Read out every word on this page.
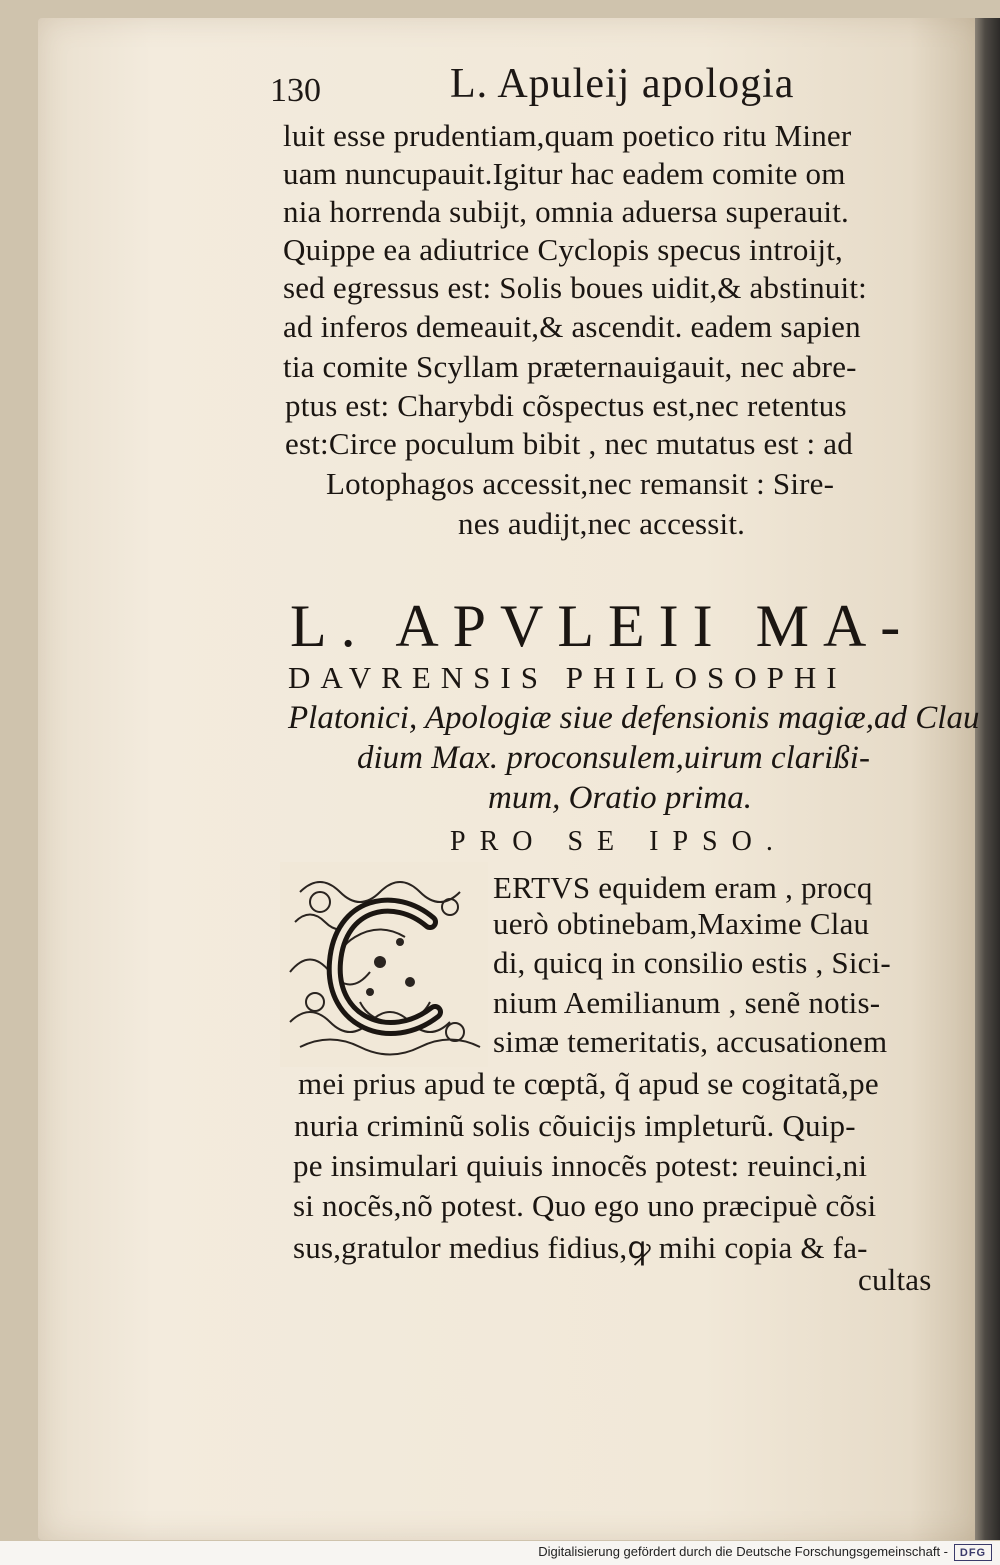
130	L. Apuleij apologia
luit esse prudentiam,quam poetico ritu Miner
uam nuncupauit.Igitur hac eadem comite om
nia horrenda subijt, omnia aduersa superauit.
Quippe ea adiutrice Cyclopis specus introijt,
sed egressus est: Solis boues uidit,& abstinuit:
ad inferos demeauit,& ascendit. eadem sapien
tia comite Scyllam prӕternauigauit, nec abre-
ptus est: Charybdi cõspectus est,nec retentus
est:Circe poculum bibit , nec mutatus est : ad
Lotophagos accessit,nec remansit : Sire-
nes audijt,nec accessit.
L. APVLEII MA-
DAVRENSIS PHILOSOPHI
Platonici, Apologiӕ siue defensionis magiӕ,ad Clau
dium Max. proconsulem,uirum clarißi-
mum, Oratio prima.
PRO SE IPSO.
ERTVS equidem eram , procq
uerò obtinebam,Maxime Clau
di, quicq in consilio estis , Sici-
nium Aemilianum , senẽ notis-
simӕ temeritatis, accusationem
mei prius apud te cœptã, q̃ apud se cogitatã,pe
nuria criminũ solis cõuicijs impleturũ. Quip-
pe insimulari quiuis innocẽs potest: reuinci,ni
si nocẽs,nõ potest. Quo ego uno prӕcipuè cõsi
sus,gratulor medius fidius,ꝙ mihi copia & fa-
cultas
Digitalisierung gefördert durch die Deutsche Forschungsgemeinschaft -	DFG
